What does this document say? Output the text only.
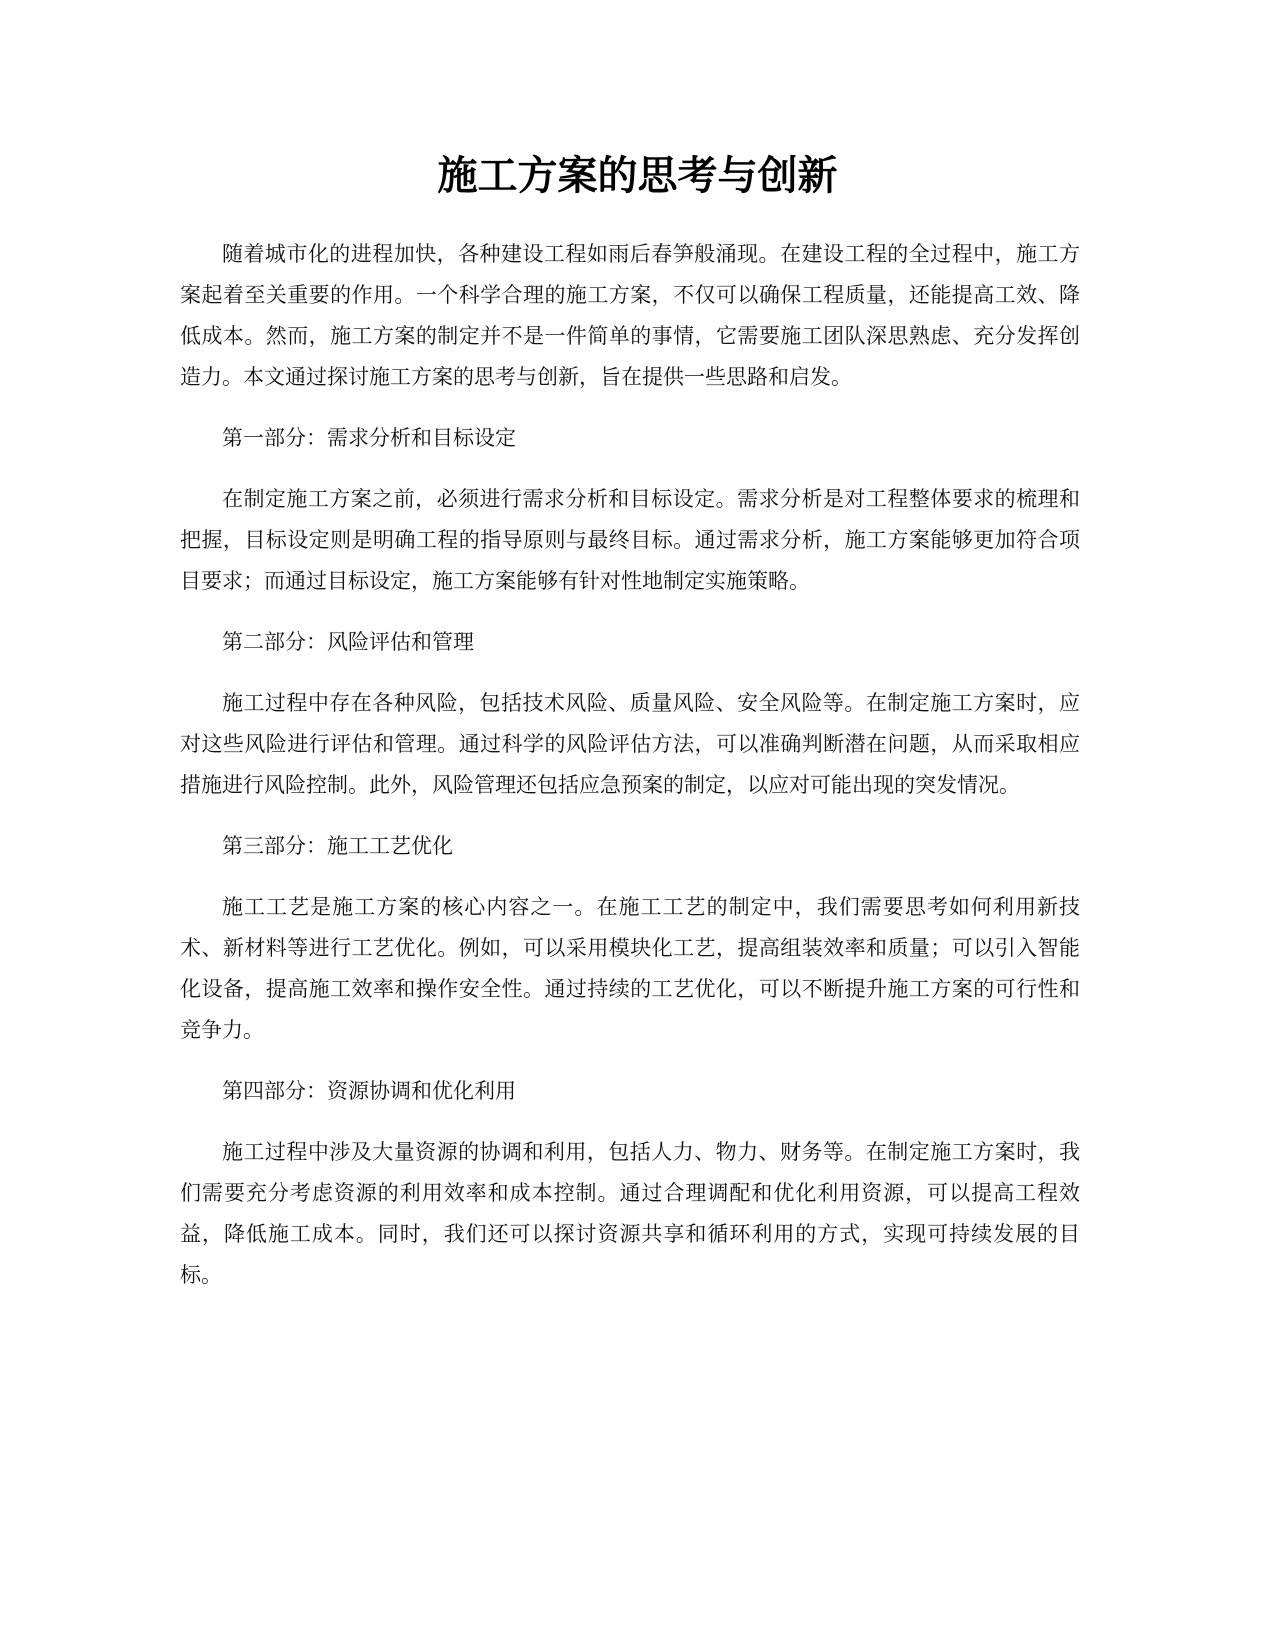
施工方案的思考与创新

随着城市化的进程加快，各种建设工程如雨后春笋般涌现。在建设工程的全过程中，施工方案起着至关重要的作用。一个科学合理的施工方案，不仅可以确保工程质量，还能提高工效、降低成本。然而，施工方案的制定并不是一件简单的事情，它需要施工团队深思熟虑、充分发挥创造力。本文通过探讨施工方案的思考与创新，旨在提供一些思路和启发。

第一部分：需求分析和目标设定

在制定施工方案之前，必须进行需求分析和目标设定。需求分析是对工程整体要求的梳理和把握，目标设定则是明确工程的指导原则与最终目标。通过需求分析，施工方案能够更加符合项目要求；而通过目标设定，施工方案能够有针对性地制定实施策略。

第二部分：风险评估和管理

施工过程中存在各种风险，包括技术风险、质量风险、安全风险等。在制定施工方案时，应对这些风险进行评估和管理。通过科学的风险评估方法，可以准确判断潜在问题，从而采取相应措施进行风险控制。此外，风险管理还包括应急预案的制定，以应对可能出现的突发情况。

第三部分：施工工艺优化

施工工艺是施工方案的核心内容之一。在施工工艺的制定中，我们需要思考如何利用新技术、新材料等进行工艺优化。例如，可以采用模块化工艺，提高组装效率和质量；可以引入智能化设备，提高施工效率和操作安全性。通过持续的工艺优化，可以不断提升施工方案的可行性和竞争力。

第四部分：资源协调和优化利用

施工过程中涉及大量资源的协调和利用，包括人力、物力、财务等。在制定施工方案时，我们需要充分考虑资源的利用效率和成本控制。通过合理调配和优化利用资源，可以提高工程效益，降低施工成本。同时，我们还可以探讨资源共享和循环利用的方式，实现可持续发展的目标。
